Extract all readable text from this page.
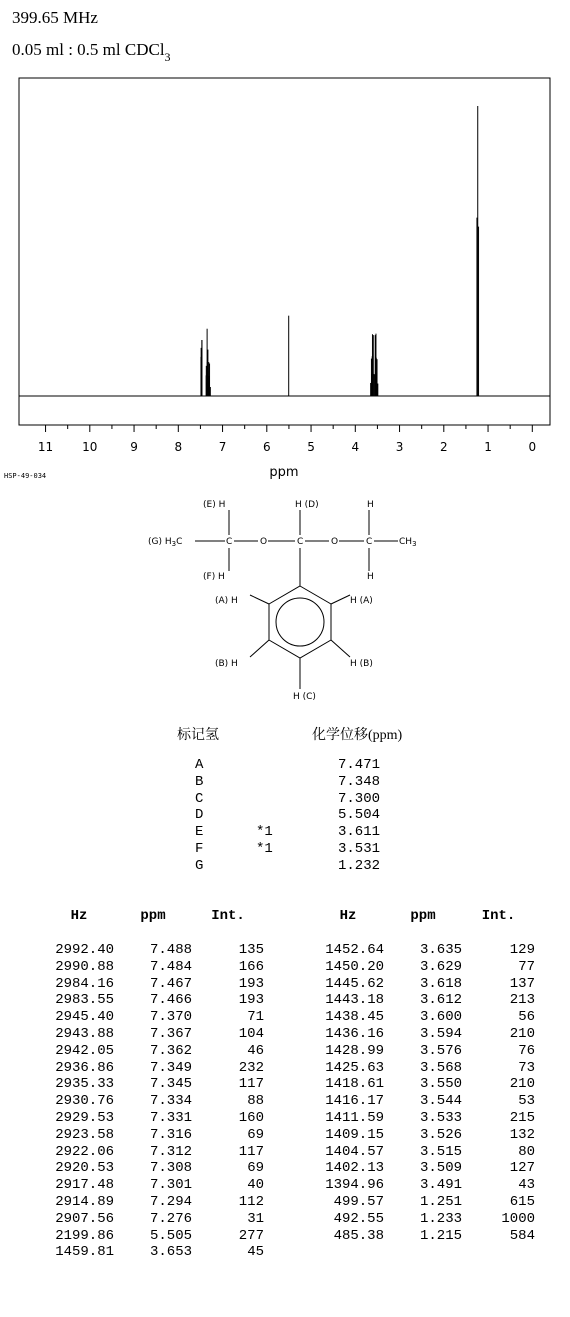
399.65 MHz
0.05 ml : 0.5 ml CDCl$_3$
11 10	9	8	7	6	5	4	3	2	1	0
ppm
HSP-49-034
(E) H	H (D)	H
(G) $H_3C$	C	O	C	O	C	$CH_3$
(F) H	H
(A) H	H (A)
(B) H	H (B)
H (C)
标记氢	化学位移(ppm)
A	7.471
B	7.348
C	7.300
D	5.504
E	*1	3.611
F	*1	3.531
G	1.232
Hz	ppm	Int.
2992.40	7.488	135
2990.88	7.484	166
2984.16	7.467	193
2983.55	7.466	193
2945.40	7.370	71
2943.88	7.367	104
2942.05	7.362	46
2936.86	7.349	232
2935.33	7.345	117
2930.76	7.334	88
2929.53	7.331	160
2923.58	7.316	69
2922.06	7.312	117
2920.53	7.308	69
2917.48	7.301	40
2914.89	7.294	112
2907.56	7.276	31
2199.86	5.505	277
1459.81	3.653	45
Hz	ppm	Int.
1452.64	3.635	129
1450.20	3.629	77
1445.62	3.618	137
1443.18	3.612	213
1438.45	3.600	56
1436.16	3.594	210
1428.99	3.576	76
1425.63	3.568	73
1418.61	3.550	210
1416.17	3.544	53
1411.59	3.533	215
1409.15	3.526	132
1404.57	3.515	80
1402.13	3.509	127
1394.96	3.491	43
499.57	1.251	615
492.55	1.233	1000
485.38	1.215	584
